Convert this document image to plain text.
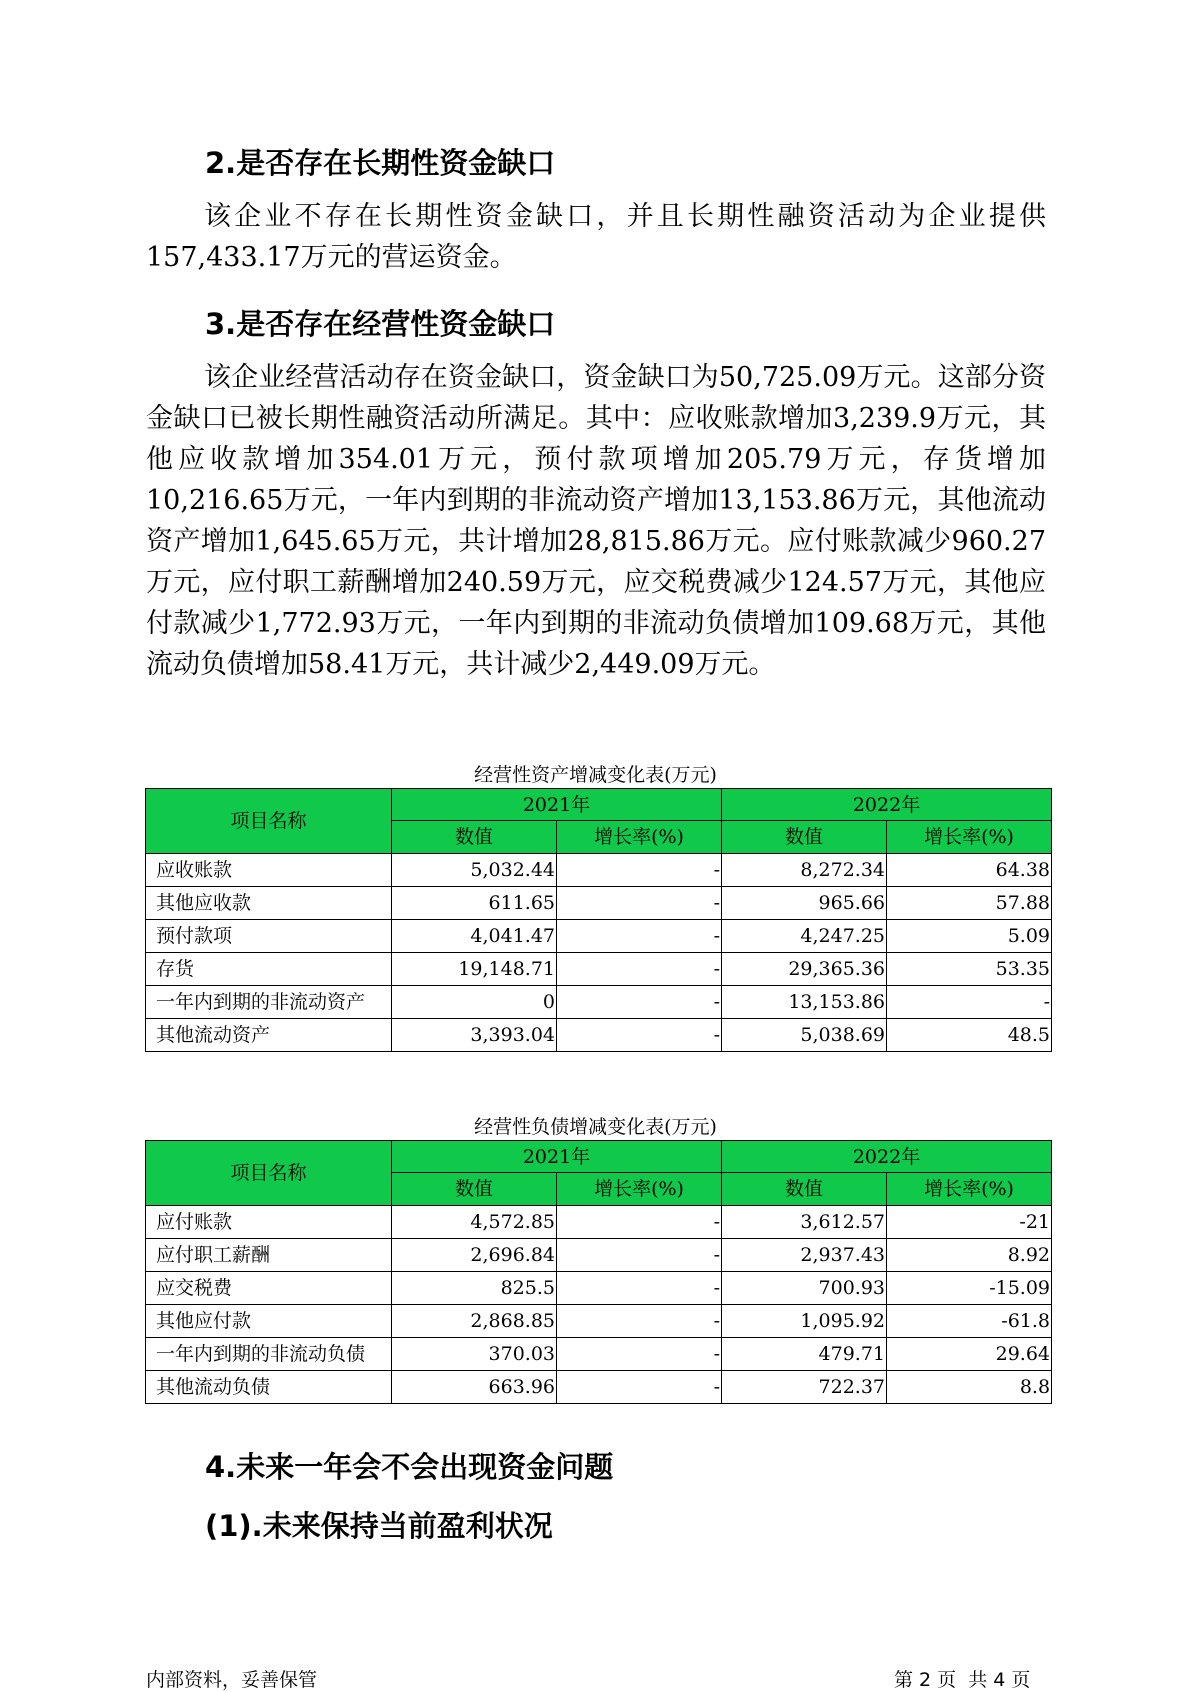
2.是否存在长期性资金缺口

该企业不存在长期性资金缺口，并且长期性融资活动为企业提供157,433.17万元的营运资金。

3.是否存在经营性资金缺口

该企业经营活动存在资金缺口，资金缺口为50,725.09万元。这部分资金缺口已被长期性融资活动所满足。其中：应收账款增加3,239.9万元，其他应收款增加354.01万元，预付款项增加205.79万元，存货增加10,216.65万元，一年内到期的非流动资产增加13,153.86万元，其他流动资产增加1,645.65万元，共计增加28,815.86万元。应付账款减少960.27万元，应付职工薪酬增加240.59万元，应交税费减少124.57万元，其他应付款减少1,772.93万元，一年内到期的非流动负债增加109.68万元，其他流动负债增加58.41万元，共计减少2,449.09万元。

经营性资产增减变化表(万元)
项目名称	2021年		2022年	
	数值	增长率(%)	数值	增长率(%)
应收账款	5,032.44	-	8,272.34	64.38
其他应收款	611.65	-	965.66	57.88
预付款项	4,041.47	-	4,247.25	5.09
存货	19,148.71	-	29,365.36	53.35
一年内到期的非流动资产	0	-	13,153.86	-
其他流动资产	3,393.04	-	5,038.69	48.5
经营性负债增减变化表(万元)
项目名称	2021年		2022年	
	数值	增长率(%)	数值	增长率(%)
应付账款	4,572.85	-	3,612.57	-21
应付职工薪酬	2,696.84	-	2,937.43	8.92
应交税费	825.5	-	700.93	-15.09
其他应付款	2,868.85	-	1,095.92	-61.8
一年内到期的非流动负债	370.03	-	479.71	29.64
其他流动负债	663.96	-	722.37	8.8
4.未来一年会不会出现资金问题
(1).未来保持当前盈利状况
内部资料，妥善保管	第 2 页  共 4 页
